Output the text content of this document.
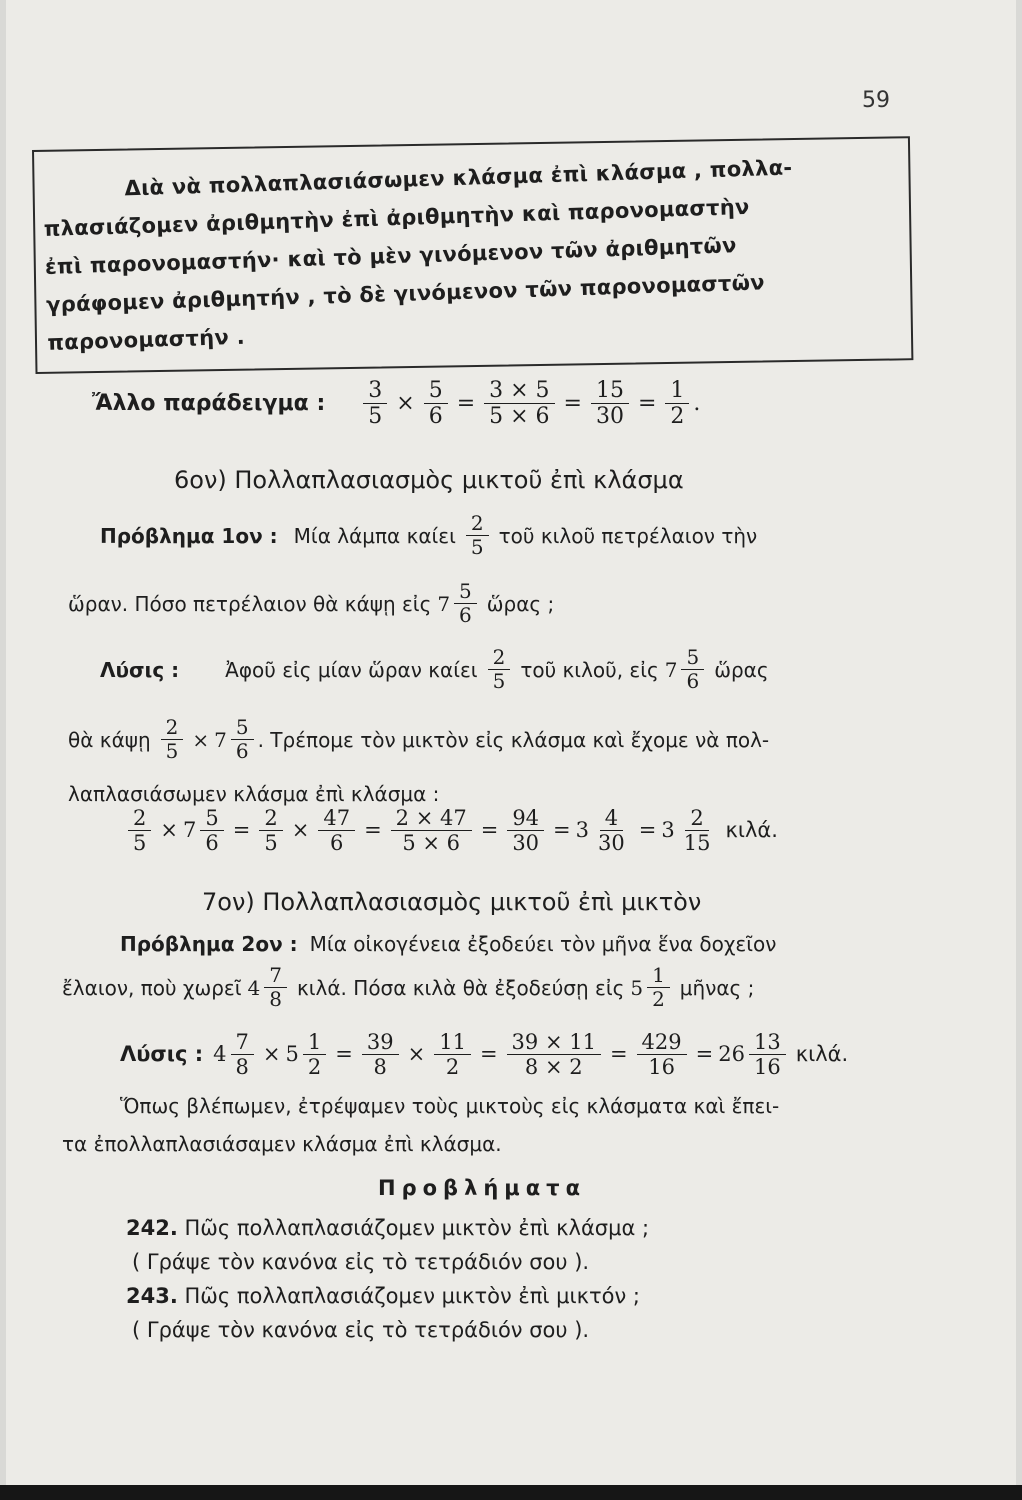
59

Διὰ νὰ πολλαπλασιάσωμεν κλάσμα ἐπὶ κλάσμα , πολλα-
πλασιάζομεν ἀριθμητὴν ἐπὶ ἀριθμητὴν καὶ παρονομαστὴν
ἐπὶ παρονομαστήν· καὶ τὸ μὲν γινόμενον τῶν ἀριθμητῶν
γράφομεν ἀριθμητήν , τὸ δὲ γινόμενον τῶν παρονομαστῶν
παρονομαστήν .

Ἄλλο παράδειγμα : $\frac{3}{5} \times \frac{5}{6} = \frac{3 \times 5}{5 \times 6} = \frac{15}{30} = \frac{1}{2}$ .
6ον) Πολλαπλασιασμὸς μικτοῦ ἐπὶ κλάσμα
Πρόβλημα 1ον : Μία λάμπα καίει $\frac{2}{5}$ τοῦ κιλοῦ πετρέλαιον τὴν
ὥραν. Πόσο πετρέλαιον θὰ κάψῃ εἰς $7 \frac{5}{6}$ ὥρας ;
Λύσις : Ἀφοῦ εἰς μίαν ὥραν καίει $\frac{2}{5}$ τοῦ κιλοῦ, εἰς $7 \frac{5}{6}$ ὥρας
θὰ κάψῃ $\frac{2}{5} \times 7 \frac{5}{6}$ . Τρέπομε τὸν μικτὸν εἰς κλάσμα καὶ ἔχομε νὰ πολ-
λαπλασιάσωμεν κλάσμα ἐπὶ κλάσμα :
$\frac{2}{5} \times 7 \frac{5}{6} = \frac{2}{5} \times \frac{47}{6} = \frac{2 \times 47}{5 \times 6} = \frac{94}{30} = 3 \frac{4}{30} = 3 \frac{2}{15} \kappa\iota\lambda ά$.
7ον) Πολλαπλασιασμὸς μικτοῦ ἐπὶ μικτὸν
Πρόβλημα 2ον : Μία οἰκογένεια ἐξοδεύει τὸν μῆνα ἕνα δοχεῖον
ἔλαιον, ποὺ χωρεῖ $4 \frac{7}{8} \kappa\iota\lambda ά$. Πόσα κιλὰ θὰ ἐξοδεύσῃ εἰς $5 \frac{1}{2}$ μῆνας ;
Λύσις : $4 \frac{7}{8} \times 5 \frac{1}{2} = \frac{39}{8} \times \frac{11}{2} = \frac{39 \times 11}{8 \times 2} = \frac{429}{16} = 26 \frac{13}{16} \kappa\iota\lambda ά$.
Ὅπως βλέπωμεν, ἐτρέψαμεν τοὺς μικτοὺς εἰς κλάσματα καὶ ἔπει-
τα ἐπολλαπλασιάσαμεν κλάσμα ἐπὶ κλάσμα.
Προβλήματα
242. Πῶς πολλαπλασιάζομεν μικτὸν ἐπὶ κλάσμα ;
( Γράψε τὸν κανόνα εἰς τὸ τετράδιόν σου ).
243. Πῶς πολλαπλασιάζομεν μικτὸν ἐπὶ μικτόν ;
( Γράψε τὸν κανόνα εἰς τὸ τετράδιόν σου ).
